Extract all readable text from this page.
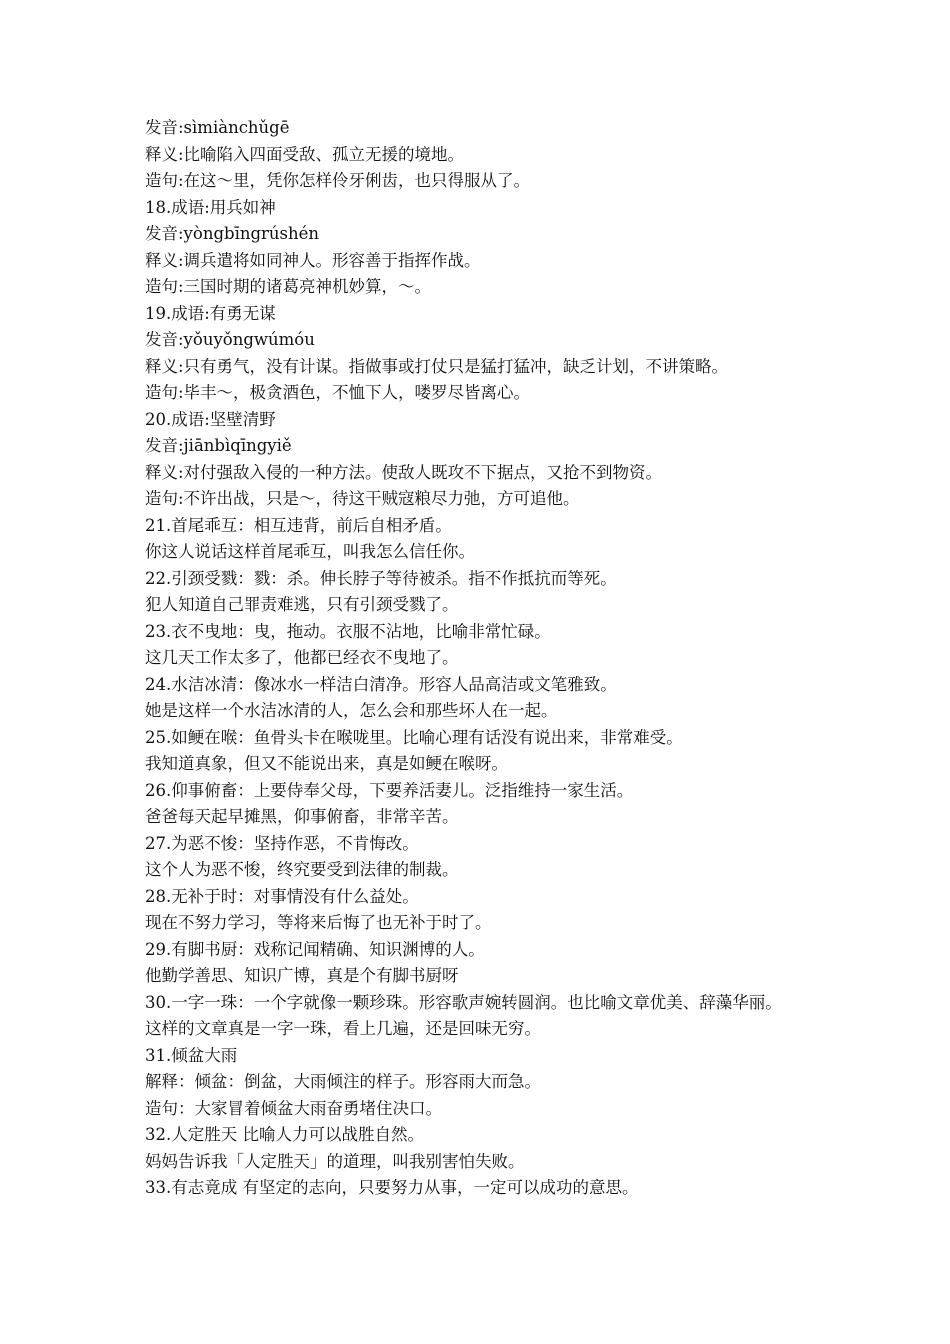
发音:sìmiànchǔgē
释义:比喻陷入四面受敌、孤立无援的境地。
造句:在这～里，凭你怎样伶牙俐齿，也只得服从了。
18.成语:用兵如神
发音:yòngbīngrúshén
释义:调兵遣将如同神人。形容善于指挥作战。
造句:三国时期的诸葛亮神机妙算，～。
19.成语:有勇无谋
发音:yǒuyǒngwúmóu
释义:只有勇气，没有计谋。指做事或打仗只是猛打猛冲，缺乏计划，不讲策略。
造句:毕丰～，极贪酒色，不恤下人，喽罗尽皆离心。
20.成语:坚壁清野
发音:jiānbìqīngyiě
释义:对付强敌入侵的一种方法。使敌人既攻不下据点，又抢不到物资。
造句:不许出战，只是～，待这干贼寇粮尽力弛，方可追他。
21.首尾乖互：相互违背，前后自相矛盾。
你这人说话这样首尾乖互，叫我怎么信任你。
22.引颈受戮：戮：杀。伸长脖子等待被杀。指不作抵抗而等死。
犯人知道自己罪责难逃，只有引颈受戮了。
23.衣不曳地：曳，拖动。衣服不沾地，比喻非常忙碌。
这几天工作太多了，他都已经衣不曳地了。
24.水洁冰清：像冰水一样洁白清净。形容人品高洁或文笔雅致。
她是这样一个水洁冰清的人，怎么会和那些坏人在一起。
25.如鲠在喉：鱼骨头卡在喉咙里。比喻心理有话没有说出来，非常难受。
我知道真象，但又不能说出来，真是如鲠在喉呀。
26.仰事俯畜：上要侍奉父母，下要养活妻儿。泛指维持一家生活。
爸爸每天起早摊黑，仰事俯畜，非常辛苦。
27.为恶不悛：坚持作恶，不肯悔改。
这个人为恶不悛，终究要受到法律的制裁。
28.无补于时：对事情没有什么益处。
现在不努力学习，等将来后悔了也无补于时了。
29.有脚书厨：戏称记闻精确、知识渊博的人。
他勤学善思、知识广博，真是个有脚书厨呀
30.一字一珠：一个字就像一颗珍珠。形容歌声婉转圆润。也比喻文章优美、辞藻华丽。
这样的文章真是一字一珠，看上几遍，还是回味无穷。
31.倾盆大雨
解释：倾盆：倒盆，大雨倾注的样子。形容雨大而急。
造句：大家冒着倾盆大雨奋勇堵住决口。
32.人定胜天 比喻人力可以战胜自然。
妈妈告诉我「人定胜天」的道理，叫我别害怕失败。
33.有志竟成 有坚定的志向，只要努力从事，一定可以成功的意思。
